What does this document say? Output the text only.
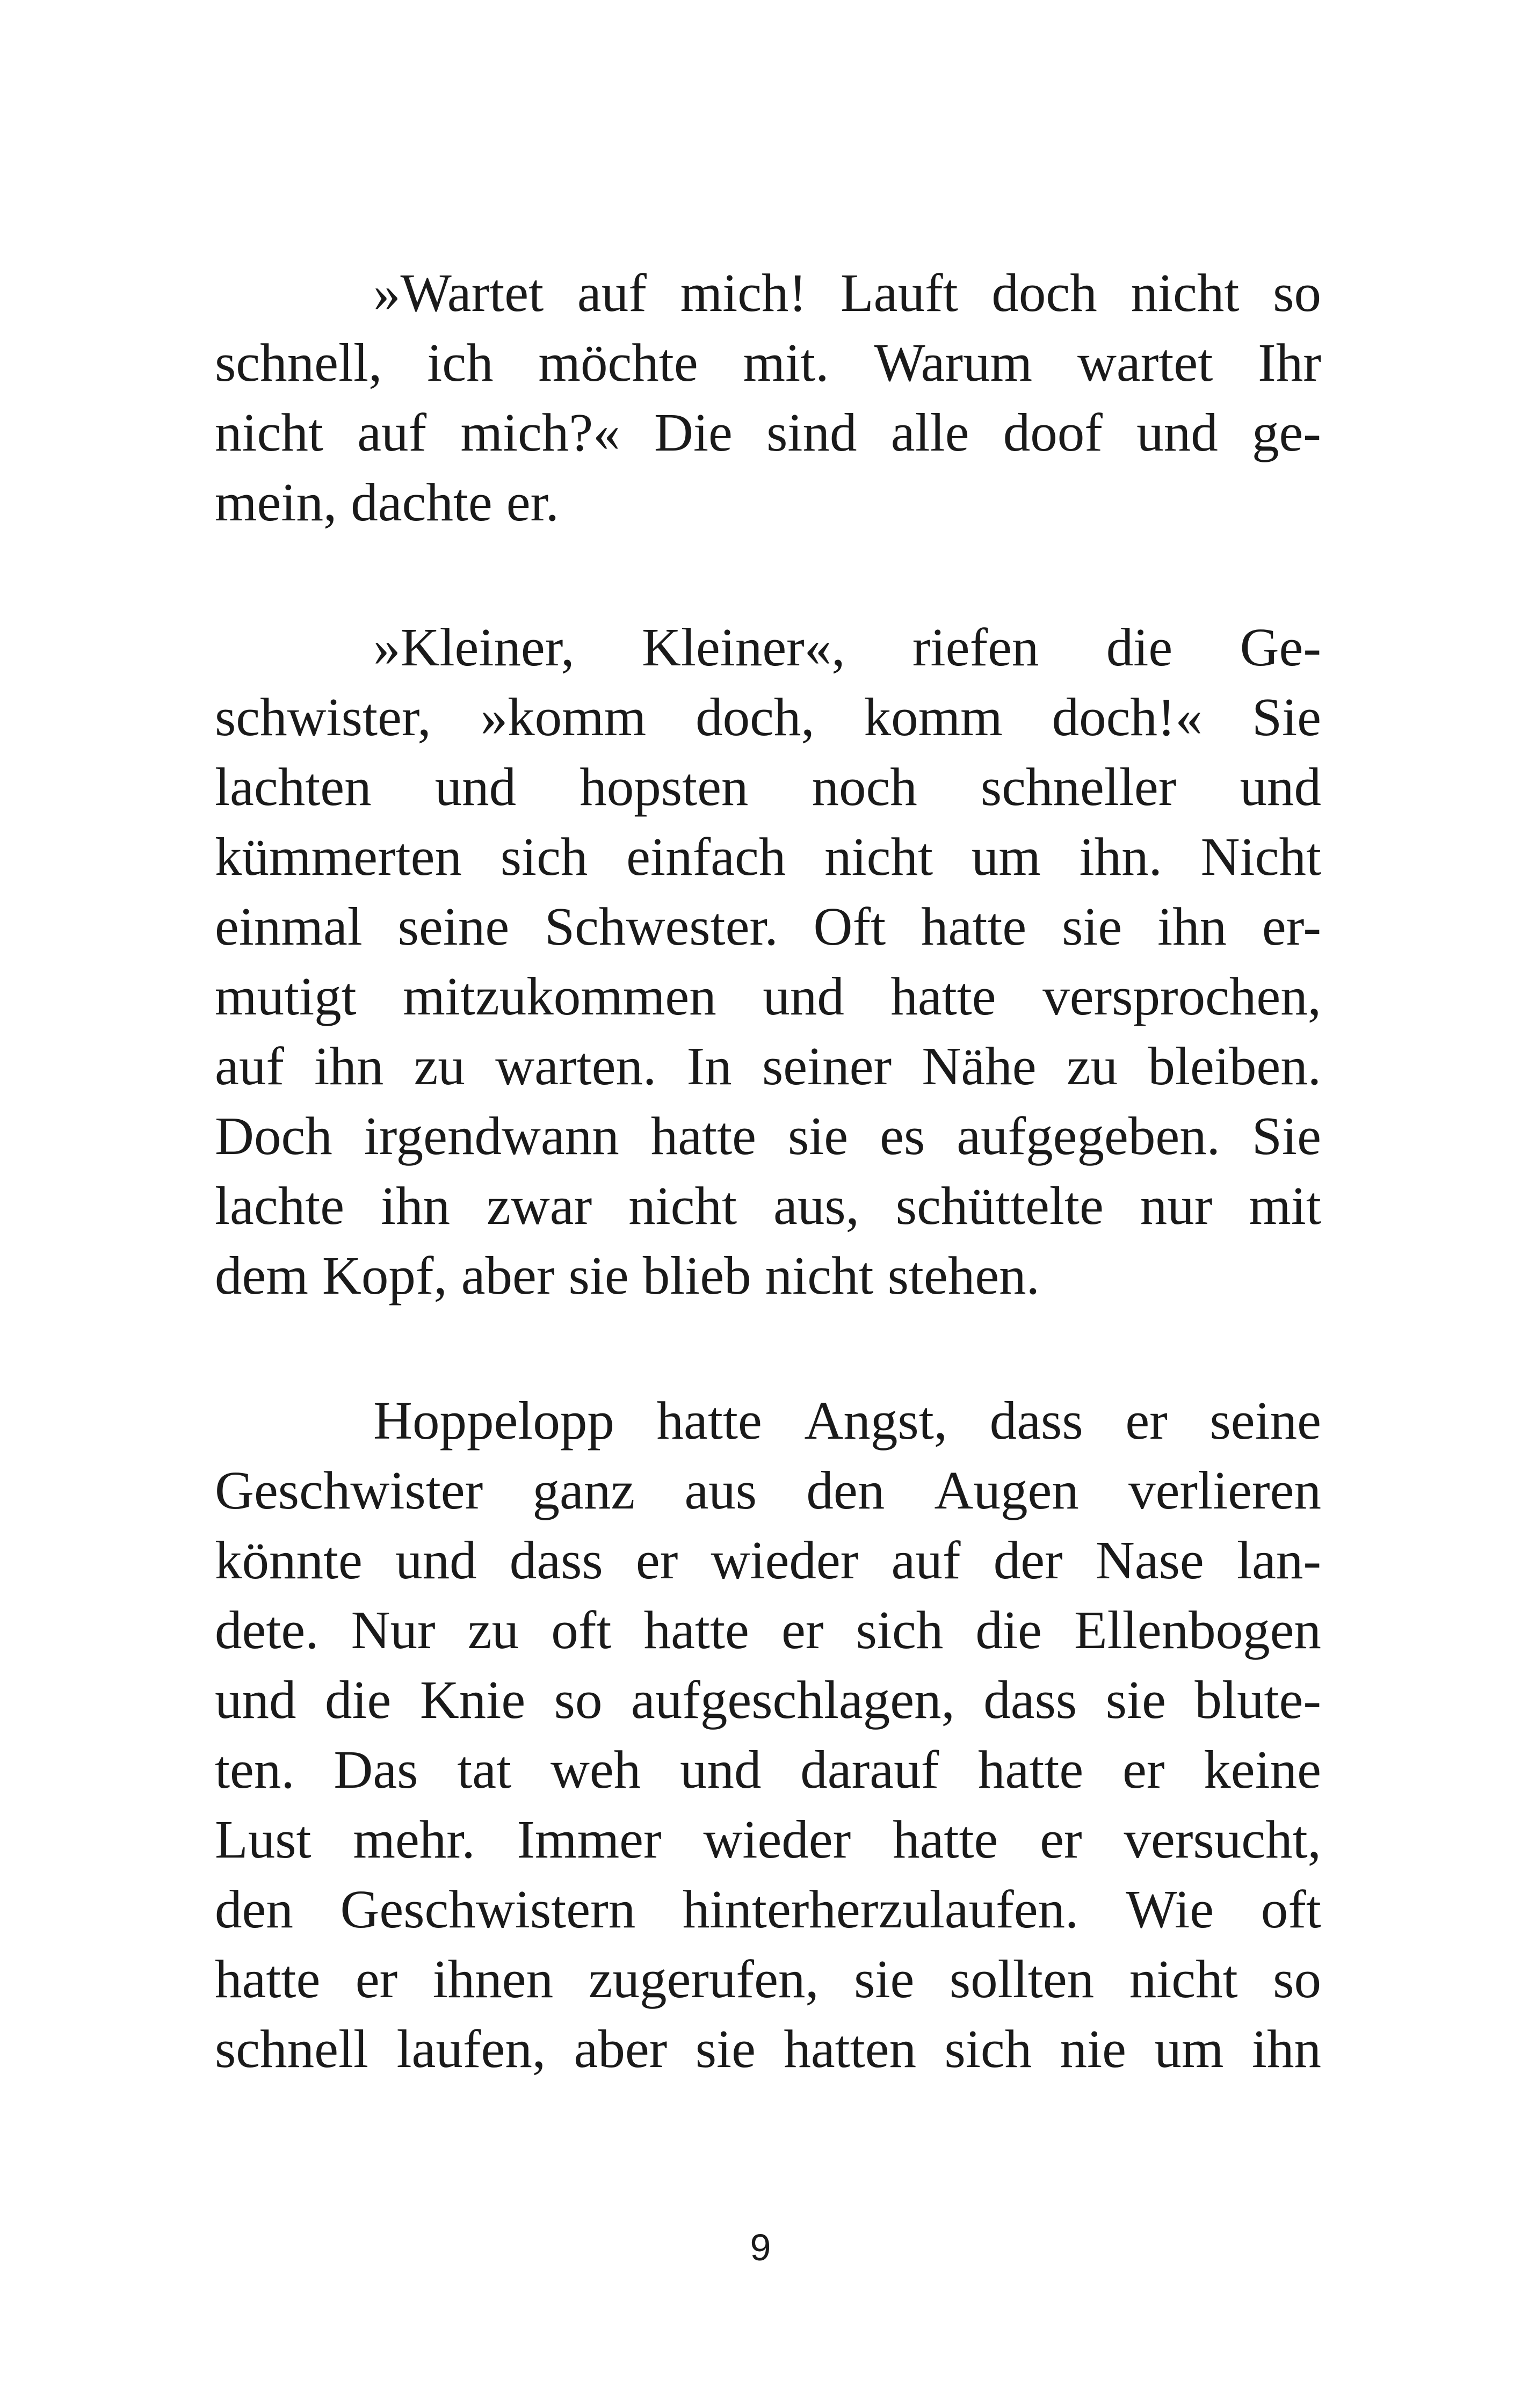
»Wartet auf mich! Lauft doch nicht so
schnell, ich möchte mit. Warum wartet Ihr
nicht auf mich?« Die sind alle doof und ge-
mein, dachte er.
»Kleiner, Kleiner«, riefen die Ge-
schwister, »komm doch, komm doch!« Sie
lachten und hopsten noch schneller und
kümmerten sich einfach nicht um ihn. Nicht
einmal seine Schwester. Oft hatte sie ihn er-
mutigt mitzukommen und hatte versprochen,
auf ihn zu warten. In seiner Nähe zu bleiben.
Doch irgendwann hatte sie es aufgegeben. Sie
lachte ihn zwar nicht aus, schüttelte nur mit
dem Kopf, aber sie blieb nicht stehen.
Hoppelopp hatte Angst, dass er seine
Geschwister ganz aus den Augen verlieren
könnte und dass er wieder auf der Nase lan-
dete. Nur zu oft hatte er sich die Ellenbogen
und die Knie so aufgeschlagen, dass sie blute-
ten. Das tat weh und darauf hatte er keine
Lust mehr. Immer wieder hatte er versucht,
den Geschwistern hinterherzulaufen. Wie oft
hatte er ihnen zugerufen, sie sollten nicht so
schnell laufen, aber sie hatten sich nie um ihn
9
